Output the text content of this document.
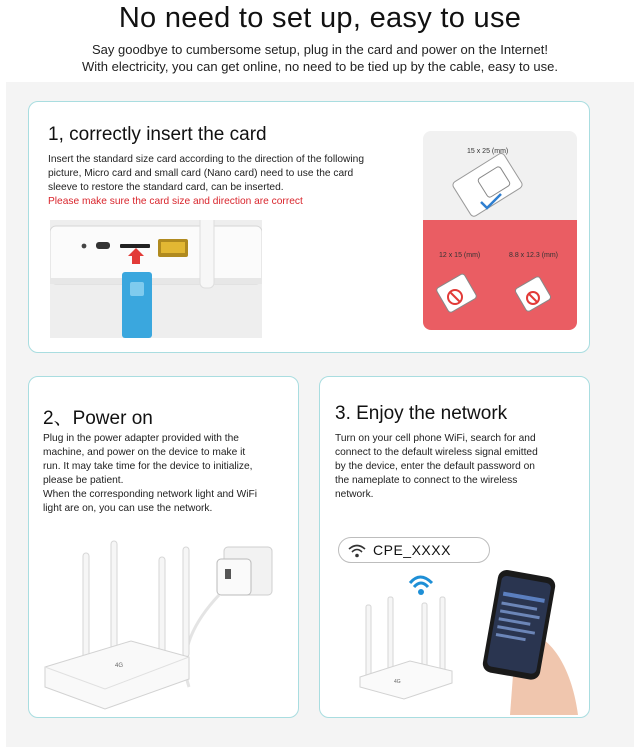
No need to set up, easy to use
Say goodbye to cumbersome setup, plug in the card and power on the Internet!
With electricity, you can get online, no need to be tied up by the cable, easy to use.
1, correctly insert the card
Insert the standard size card according to the direction of the following
picture, Micro card and small card (Nano card) need to use the card
sleeve to restore the standard card, can be inserted.
Please make sure the card size and direction are correct
15 x 25 (mm)
12 x 15 (mm)	8.8 x 12.3 (mm)
2、Power on
Plug in the power adapter provided with the
machine, and power on the device to make it
run. It may take time for the device to initialize,
please be patient.
When the corresponding network light and WiFi
light are on, you can use the network.
4G
3. Enjoy the network
Turn on your cell phone WiFi, search for and
connect to the default wireless signal emitted
by the device, enter the default password on
the nameplate to connect to the wireless
network.
CPE_XXXX
4G
